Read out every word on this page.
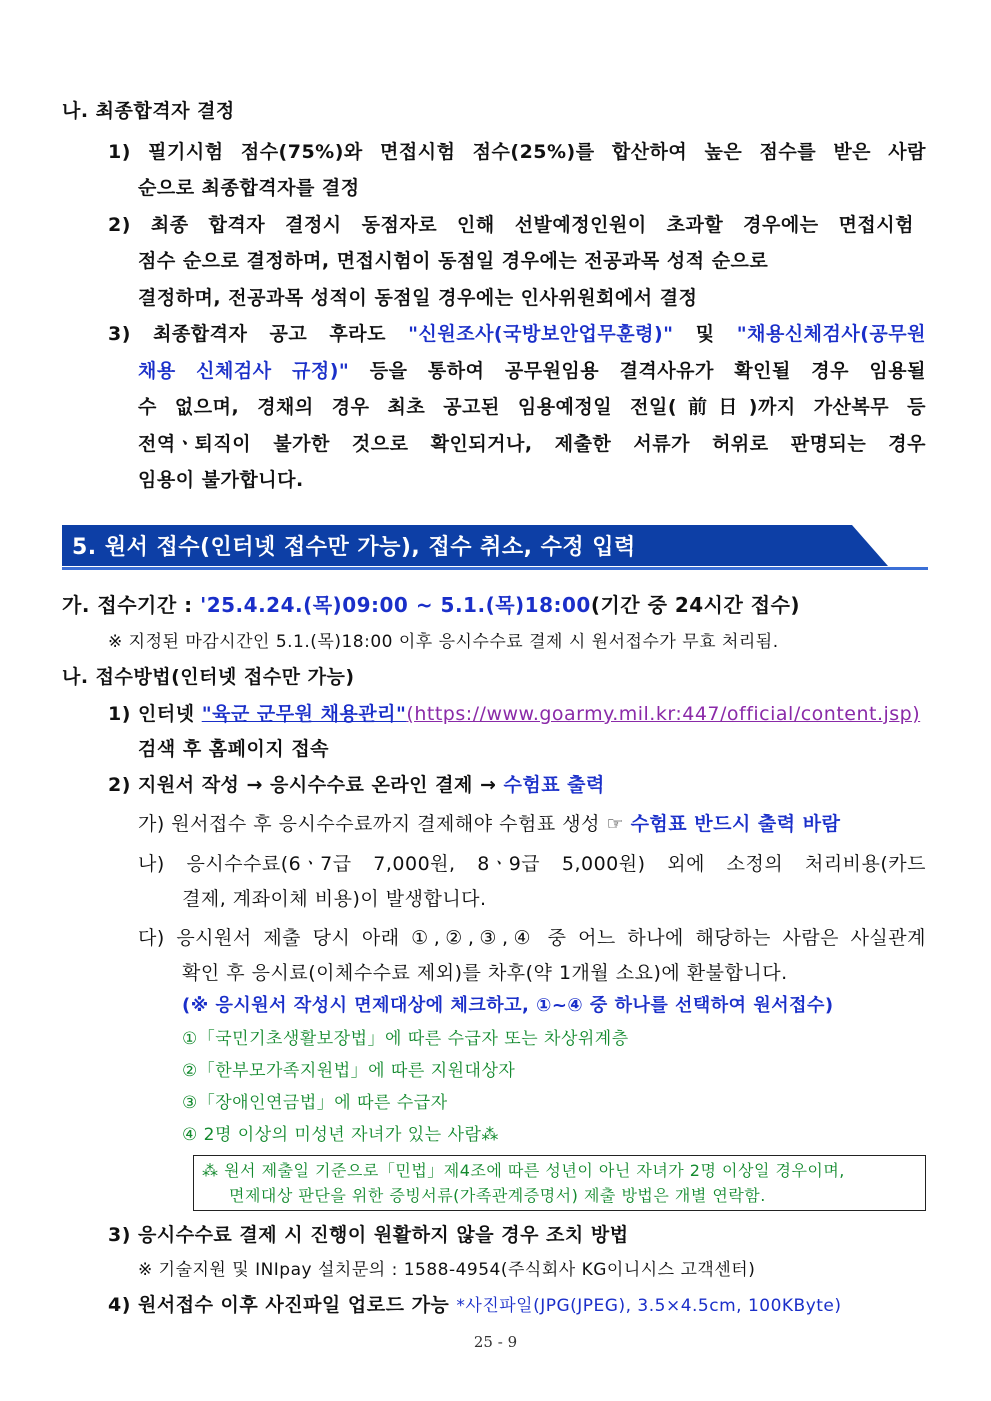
나. 최종합격자 결정
1) 필기시험 점수(75%)와 면접시험 점수(25%)를 합산하여 높은 점수를 받은 사람
순으로 최종합격자를 결정
2) 최종 합격자 결정시 동점자로 인해 선발예정인원이 초과할 경우에는 면접시험
점수 순으로 결정하며, 면접시험이 동점일 경우에는 전공과목 성적 순으로
결정하며, 전공과목 성적이 동점일 경우에는 인사위원회에서 결정
3) 최종합격자 공고 후라도 "신원조사(국방보안업무훈령)" 및 "채용신체검사(공무원
채용 신체검사 규정)" 등을 통하여 공무원임용 결격사유가 확인될 경우 임용될
수 없으며, 경채의 경우 최초 공고된 임용예정일 전일(前日)까지 가산복무 등
전역ㆍ퇴직이 불가한 것으로 확인되거나, 제출한 서류가 허위로 판명되는 경우
임용이 불가합니다.
5. 원서 접수(인터넷 접수만 가능), 접수 취소, 수정 입력
가. 접수기간 : '25.4.24.(목)09:00 ~ 5.1.(목)18:00(기간 중 24시간 접수)
※ 지정된 마감시간인 5.1.(목)18:00 이후 응시수수료 결제 시 원서접수가 무효 처리됨.
나. 접수방법(인터넷 접수만 가능)
1) 인터넷 "육군 군무원 채용관리"(https://www.goarmy.mil.kr:447/official/content.jsp)
검색 후 홈페이지 접속
2) 지원서 작성 → 응시수수료 온라인 결제 → 수험표 출력
가) 원서접수 후 응시수수료까지 결제해야 수험표 생성 ☞ 수험표 반드시 출력 바람
나) 응시수수료(6ㆍ7급 7,000원, 8ㆍ9급 5,000원) 외에 소정의 처리비용(카드
결제, 계좌이체 비용)이 발생합니다.
다) 응시원서 제출 당시 아래 ①,②,③,④ 중 어느 하나에 해당하는 사람은 사실관계
확인 후 응시료(이체수수료 제외)를 차후(약 1개월 소요)에 환불합니다.
(※ 응시원서 작성시 면제대상에 체크하고, ①~④ 중 하나를 선택하여 원서접수)
①「국민기초생활보장법」에 따른 수급자 또는 차상위계층
②「한부모가족지원법」에 따른 지원대상자
③「장애인연금법」에 따른 수급자
④ 2명 이상의 미성년 자녀가 있는 사람⁂
⁂ 원서 제출일 기준으로「민법」제4조에 따른 성년이 아닌 자녀가 2명 이상일 경우이며,
면제대상 판단을 위한 증빙서류(가족관계증명서) 제출 방법은 개별 연락함.
3) 응시수수료 결제 시 진행이 원활하지 않을 경우 조치 방법
※ 기술지원 및 INIpay 설치문의 : 1588-4954(주식회사 KG이니시스 고객센터)
4) 원서접수 이후 사진파일 업로드 가능 *사진파일(JPG(JPEG), 3.5×4.5cm, 100KByte)
25 - 9
